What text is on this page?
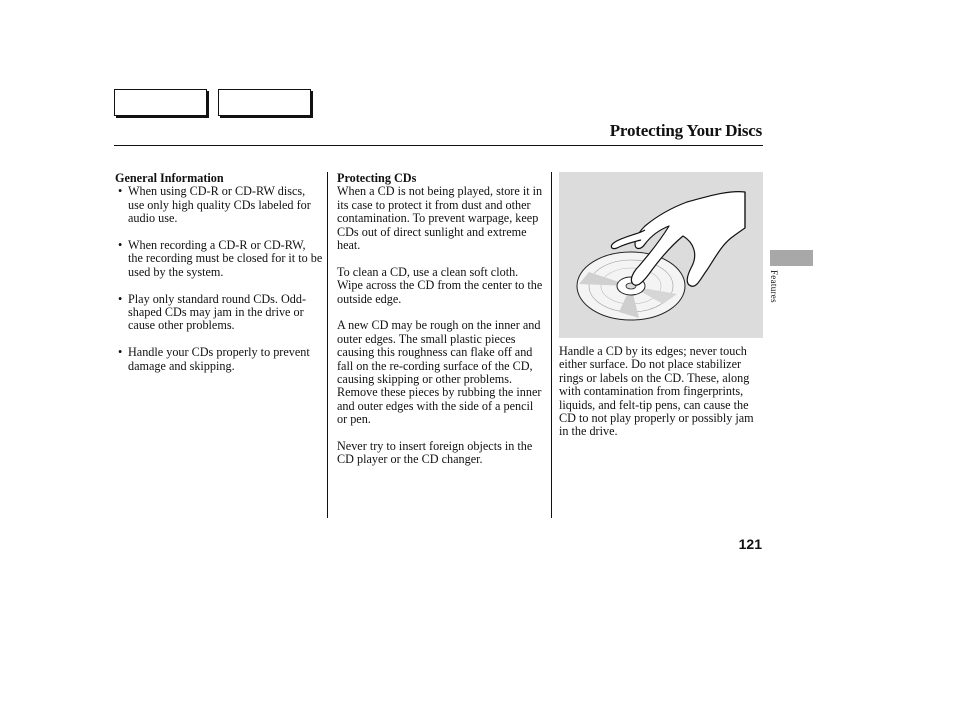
Protecting Your Discs
General Information
• When using CD-R or CD-RW discs, use only high quality CDs labeled for audio use.
• When recording a CD-R or CD-RW, the recording must be closed for it to be used by the system.
• Play only standard round CDs. Odd-shaped CDs may jam in the drive or cause other problems.
• Handle your CDs properly to prevent damage and skipping.
Protecting CDs

When a CD is not being played, store it in its case to protect it from dust and other contamination. To prevent warpage, keep CDs out of direct sunlight and extreme heat.

To clean a CD, use a clean soft cloth. Wipe across the CD from the center to the outside edge.

A new CD may be rough on the inner and outer edges. The small plastic pieces causing this roughness can flake off and fall on the re-cording surface of the CD, causing skipping or other problems. Remove these pieces by rubbing the inner and outer edges with the side of a pencil or pen.

Never try to insert foreign objects in the CD player or the CD changer.

Handle a CD by its edges; never touch either surface. Do not place stabilizer rings or labels on the CD. These, along with contamination from fingerprints, liquids, and felt-tip pens, can cause the CD to not play properly or possibly jam in the drive.
Features
121
